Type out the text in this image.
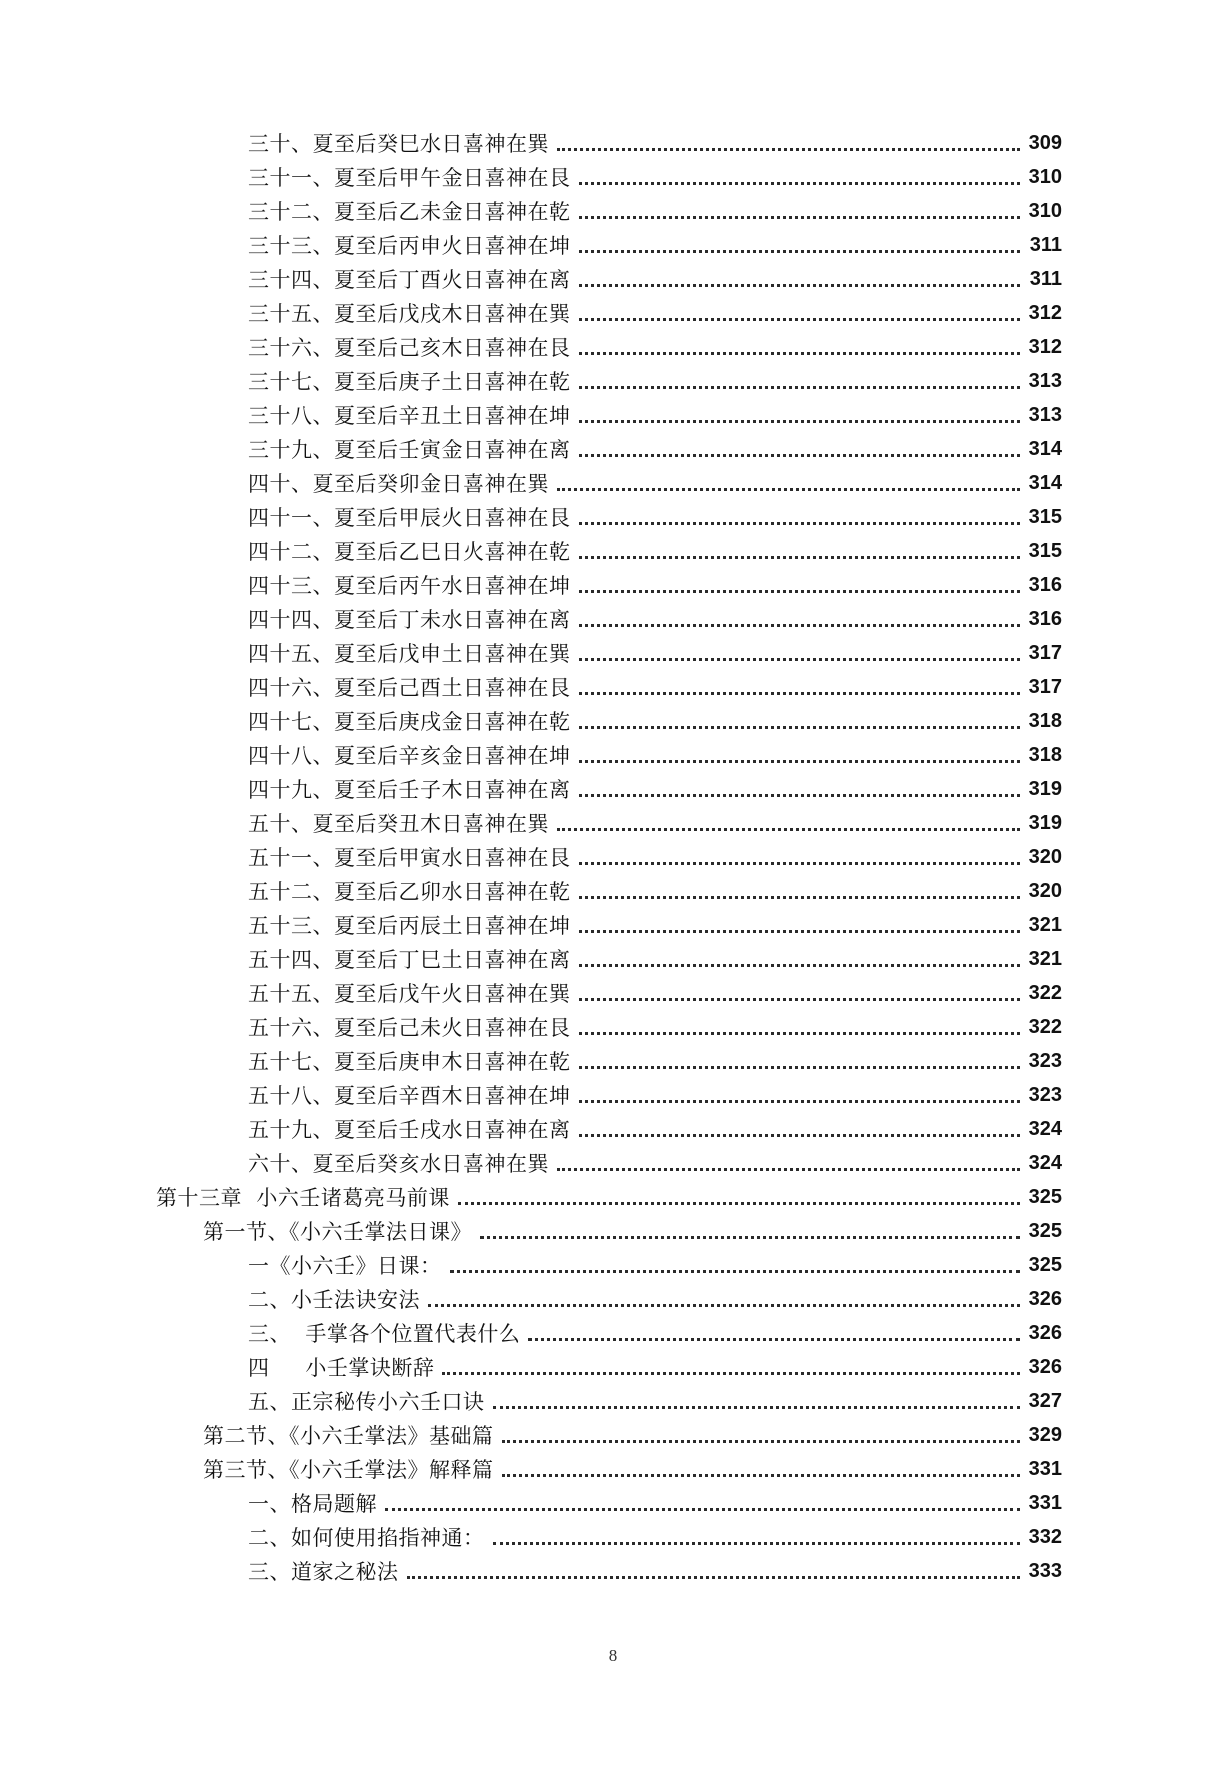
三十、夏至后癸巳水日喜神在巽	309
三十一、夏至后甲午金日喜神在艮	310
三十二、夏至后乙未金日喜神在乾	310
三十三、夏至后丙申火日喜神在坤	311
三十四、夏至后丁酉火日喜神在离	311
三十五、夏至后戊戌木日喜神在巽	312
三十六、夏至后己亥木日喜神在艮	312
三十七、夏至后庚子土日喜神在乾	313
三十八、夏至后辛丑土日喜神在坤	313
三十九、夏至后壬寅金日喜神在离	314
四十、夏至后癸卯金日喜神在巽	314
四十一、夏至后甲辰火日喜神在艮	315
四十二、夏至后乙巳日火喜神在乾	315
四十三、夏至后丙午水日喜神在坤	316
四十四、夏至后丁未水日喜神在离	316
四十五、夏至后戊申土日喜神在巽	317
四十六、夏至后己酉土日喜神在艮	317
四十七、夏至后庚戌金日喜神在乾	318
四十八、夏至后辛亥金日喜神在坤	318
四十九、夏至后壬子木日喜神在离	319
五十、夏至后癸丑木日喜神在巽	319
五十一、夏至后甲寅水日喜神在艮	320
五十二、夏至后乙卯水日喜神在乾	320
五十三、夏至后丙辰土日喜神在坤	321
五十四、夏至后丁巳土日喜神在离	321
五十五、夏至后戊午火日喜神在巽	322
五十六、夏至后己未火日喜神在艮	322
五十七、夏至后庚申木日喜神在乾	323
五十八、夏至后辛酉木日喜神在坤	323
五十九、夏至后壬戌水日喜神在离	324
六十、夏至后癸亥水日喜神在巽	324
第十三章  小六壬诸葛亮马前课	325
第一节、《小六壬掌法日课》	325
一《小六壬》日课：	325
二、小壬法诀安法	326
三、  手掌各个位置代表什么	326
四     小壬掌诀断辞	326
五、正宗秘传小六壬口诀	327
第二节、《小六壬掌法》基础篇	329
第三节、《小六壬掌法》解释篇	331
一、格局题解	331
二、如何使用掐指神通：	332
三、道家之秘法	333
8
